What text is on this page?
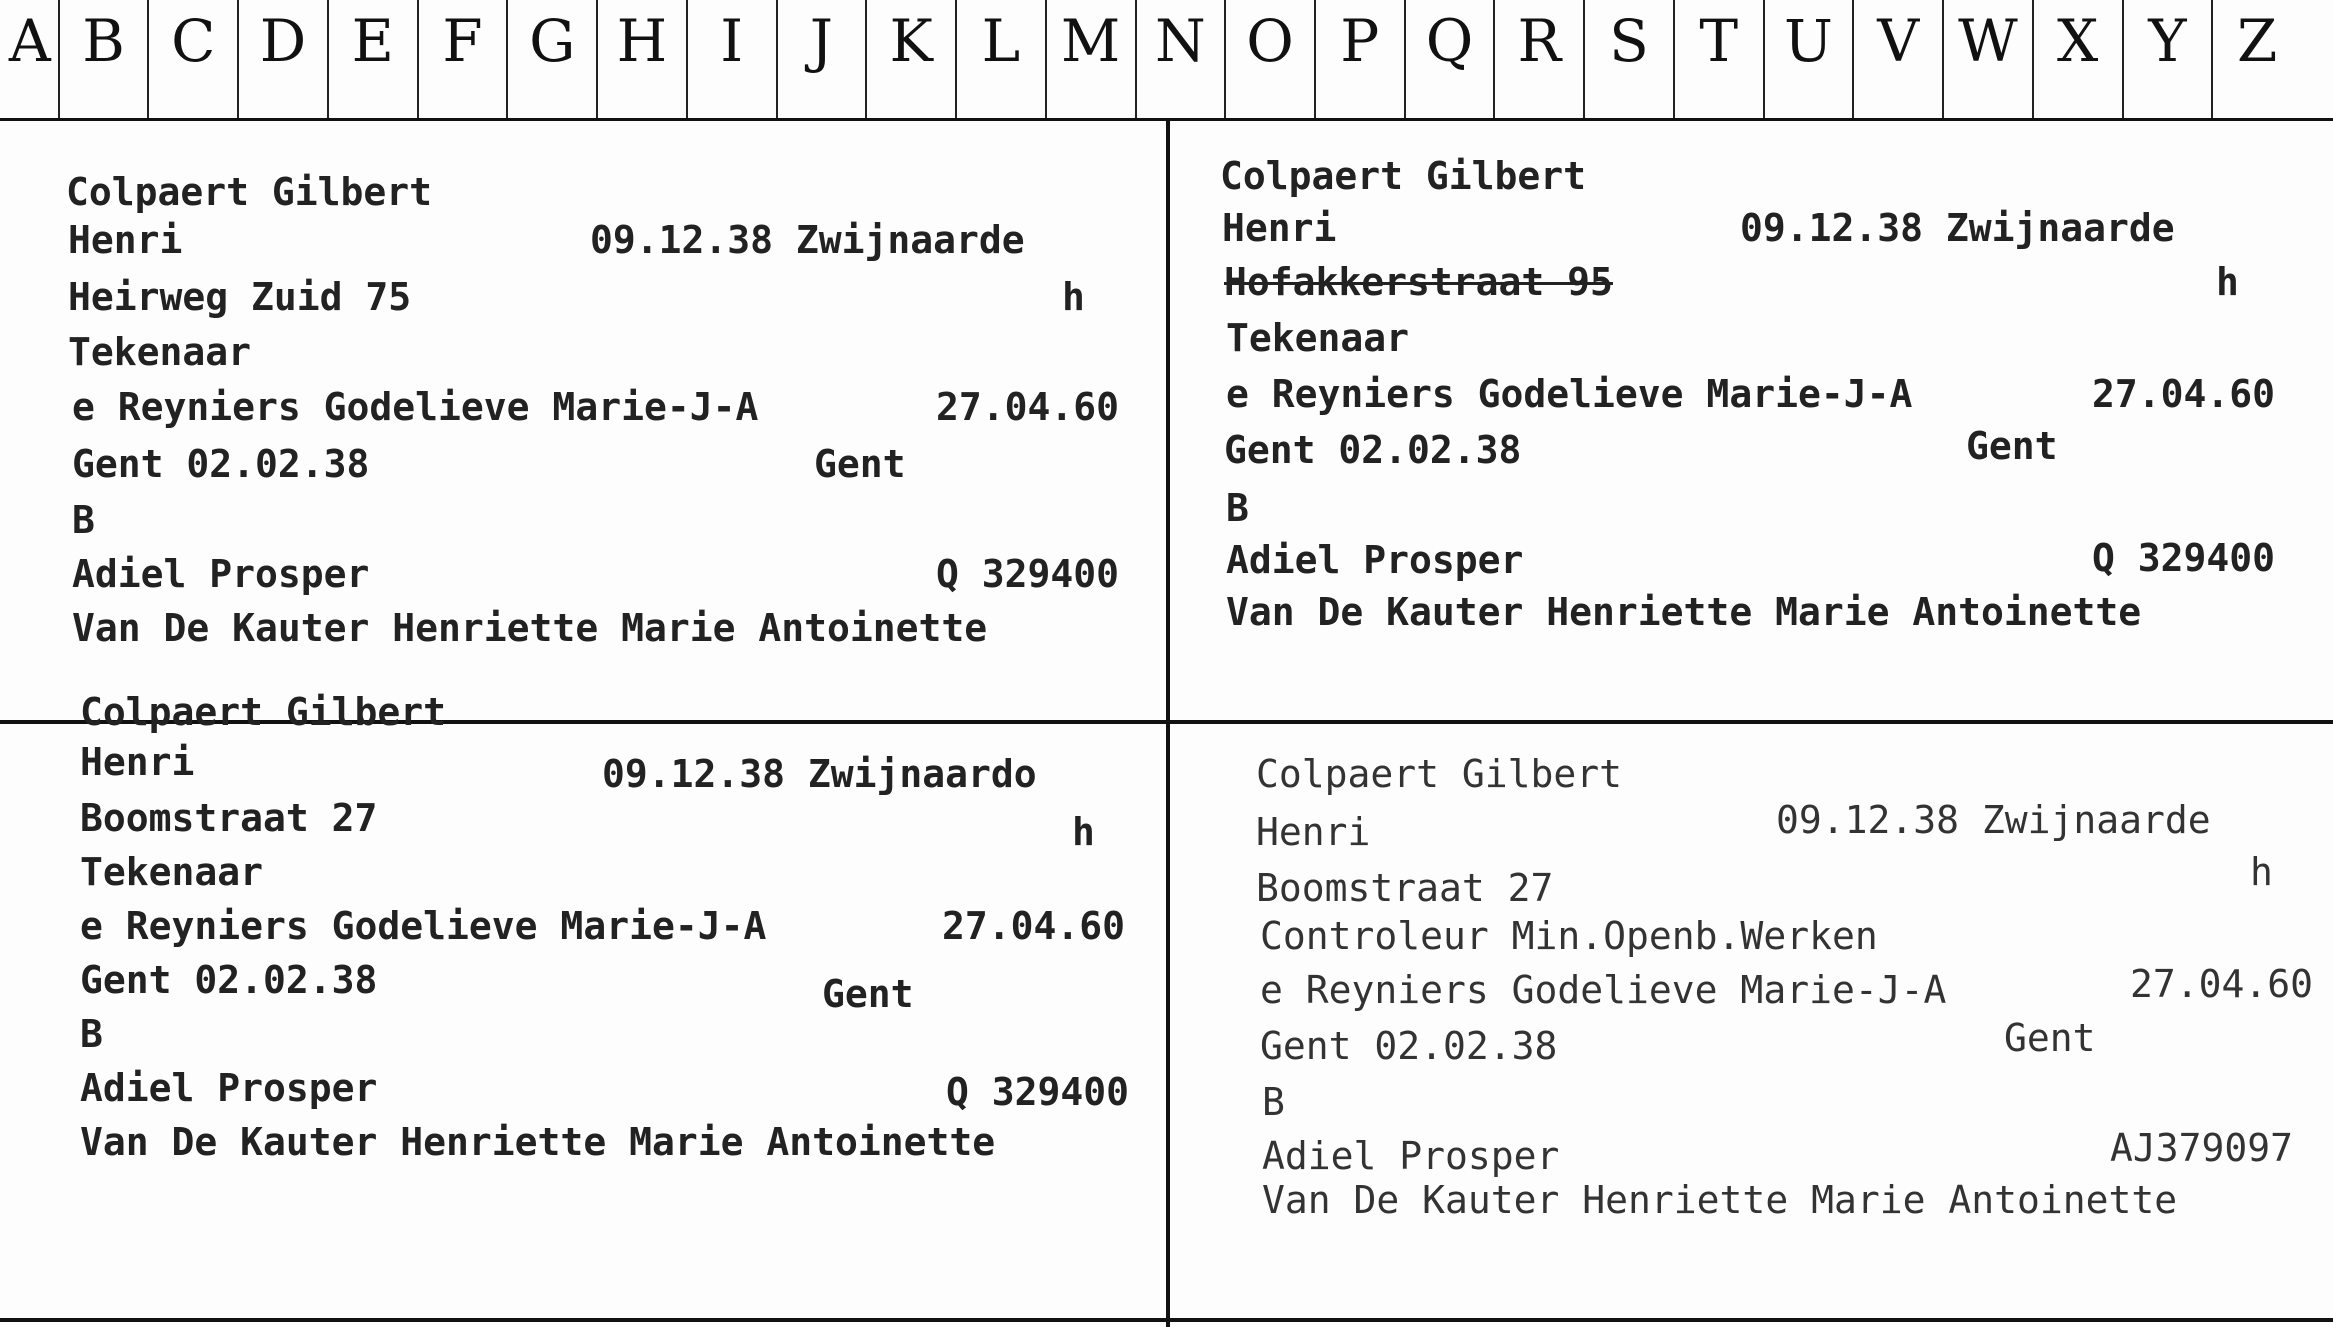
A B C D E F G H I	J K L M N O P Q R S T U V W X Y Z
Colpaert Gilbert
Henri	09.12.38 Zwijnaarde
Heirweg Zuid 75	h
Tekenaar
e Reyniers Godelieve Marie-J-A	27.04.60
Gent 02.02.38	Gent
B
Adiel Prosper	Q 329400
Van De Kauter Henriette Marie Antoinette
Colpaert Gilbert
Henri	09.12.38 Zwijnaarde
Hofakkerstraat 95	h
Tekenaar
e Reyniers Godelieve Marie-J-A	27.04.60
Gent 02.02.38	Gent
B
Adiel Prosper	Q 329400
Van De Kauter Henriette Marie Antoinette
Colpaert Gilbert
Henri	09.12.38 Zwijnaardo
Boomstraat 27	h
Tekenaar
e Reyniers Godelieve Marie-J-A	27.04.60
Gent 02.02.38	Gent
B
Adiel Prosper	Q 329400
Van De Kauter Henriette Marie Antoinette
Colpaert Gilbert
Henri	09.12.38 Zwijnaarde
Boomstraat 27	h
Controleur Min.Openb.Werken
e Reyniers Godelieve Marie-J-A	27.04.60
Gent 02.02.38	Gent
B
Adiel Prosper	AJ379097
Van De Kauter Henriette Marie Antoinette
